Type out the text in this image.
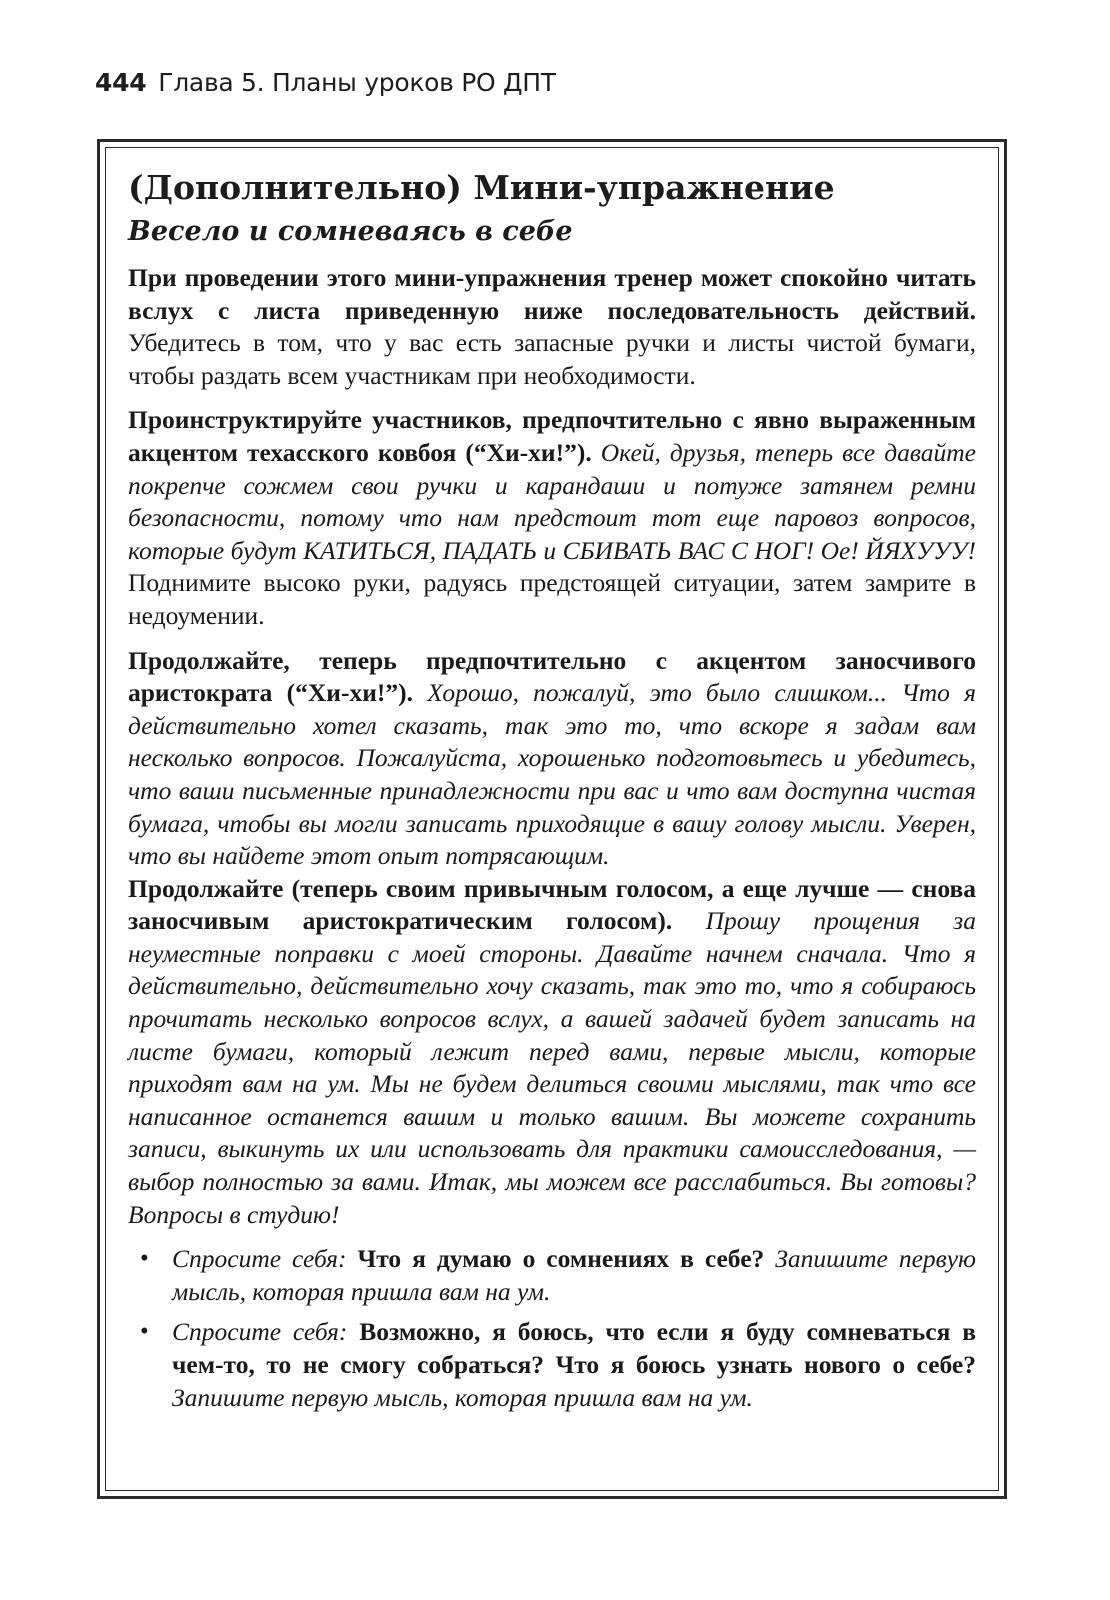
444 Глава 5. Планы уроков РО ДПТ
(Дополнительно) Мини-упражнение
Весело и сомневаясь в себе

При проведении этого мини-упражнения тренер может спокойно читать вслух с листа приведенную ниже последовательность действий. Убедитесь в том, что у вас есть запасные ручки и листы чистой бумаги, чтобы раздать всем участникам при необходимости.

Проинструктируйте участников, предпочтительно с явно выраженным акцентом техасского ковбоя (“Хи-хи!”). Окей, друзья, теперь все давайте покрепче сожмем свои ручки и карандаши и потуже затянем ремни безопасности, потому что нам предстоит тот еще паровоз вопросов, которые будут КАТИТЬСЯ, ПАДАТЬ и СБИВАТЬ ВАС С НОГ! Ое! ЙЯХУУУ! Поднимите высоко руки, радуясь предстоящей ситуации, затем замрите в недоумении.

Продолжайте, теперь предпочтительно с акцентом заносчивого аристократа (“Хи-хи!”). Хорошо, пожалуй, это было слишком... Что я действительно хотел сказать, так это то, что вскоре я задам вам несколько вопросов. Пожалуйста, хорошенько подготовьтесь и убедитесь, что ваши письменные принадлежности при вас и что вам доступна чистая бумага, чтобы вы могли записать приходящие в вашу голову мысли. Уверен, что вы найдете этот опыт потрясающим.

Продолжайте (теперь своим привычным голосом, а еще лучше — снова заносчивым аристократическим голосом). Прошу прощения за неуместные поправки с моей стороны. Давайте начнем сначала. Что я действительно, действительно хочу сказать, так это то, что я собираюсь прочитать несколько вопросов вслух, а вашей задачей будет записать на листе бумаги, который лежит перед вами, первые мысли, которые приходят вам на ум. Мы не будем делиться своими мыслями, так что все написанное останется вашим и только вашим. Вы можете сохранить записи, выкинуть их или использовать для практики самоисследования, — выбор полностью за вами. Итак, мы можем все расслабиться. Вы готовы? Вопросы в студию!

• Спросите себя: Что я думаю о сомнениях в себе? Запишите первую мысль, которая пришла вам на ум.
• Спросите себя: Возможно, я боюсь, что если я буду сомневаться в чем-то, то не смогу собраться? Что я боюсь узнать нового о себе? Запишите первую мысль, которая пришла вам на ум.
